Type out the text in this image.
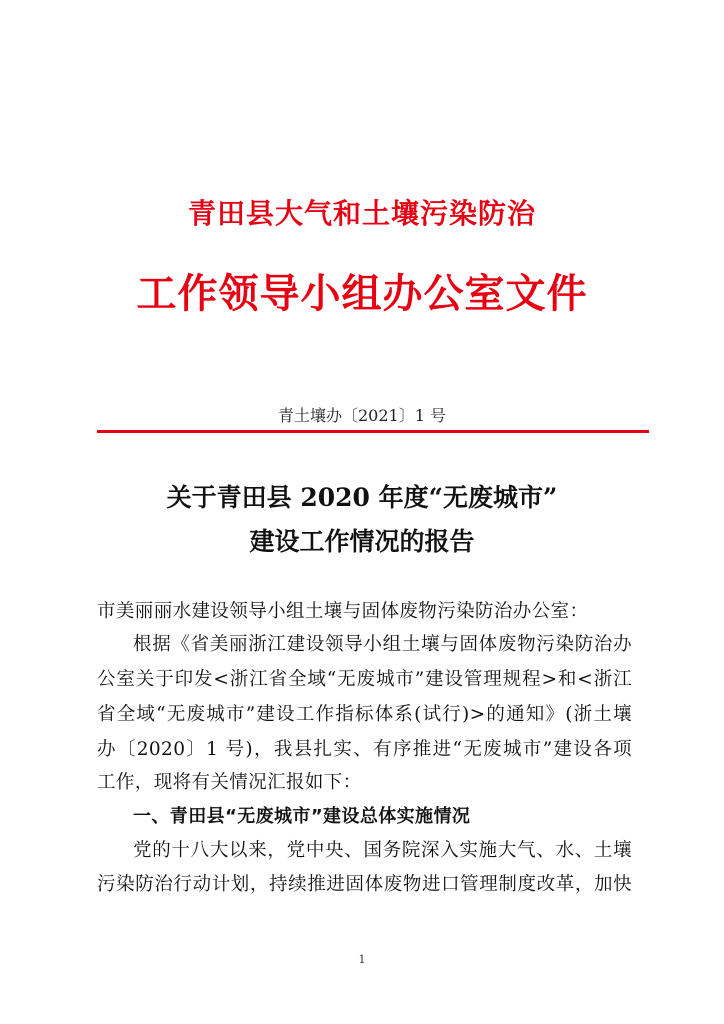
青田县大气和土壤污染防治
工作领导小组办公室文件
青土壤办〔2021〕1 号
关于青田县 2020 年度“无废城市”
建设工作情况的报告
市美丽丽水建设领导小组土壤与固体废物污染防治办公室：
根据《省美丽浙江建设领导小组土壤与固体废物污染防治办
公室关于印发<浙江省全域“无废城市”建设管理规程>和<浙江
省全域“无废城市”建设工作指标体系(试行)>的通知》(浙土壤
办〔2020〕1 号)，我县扎实、有序推进“无废城市”建设各项
工作，现将有关情况汇报如下：
一、青田县“无废城市”建设总体实施情况
党的十八大以来，党中央、国务院深入实施大气、水、土壤
污染防治行动计划，持续推进固体废物进口管理制度改革，加快
1
